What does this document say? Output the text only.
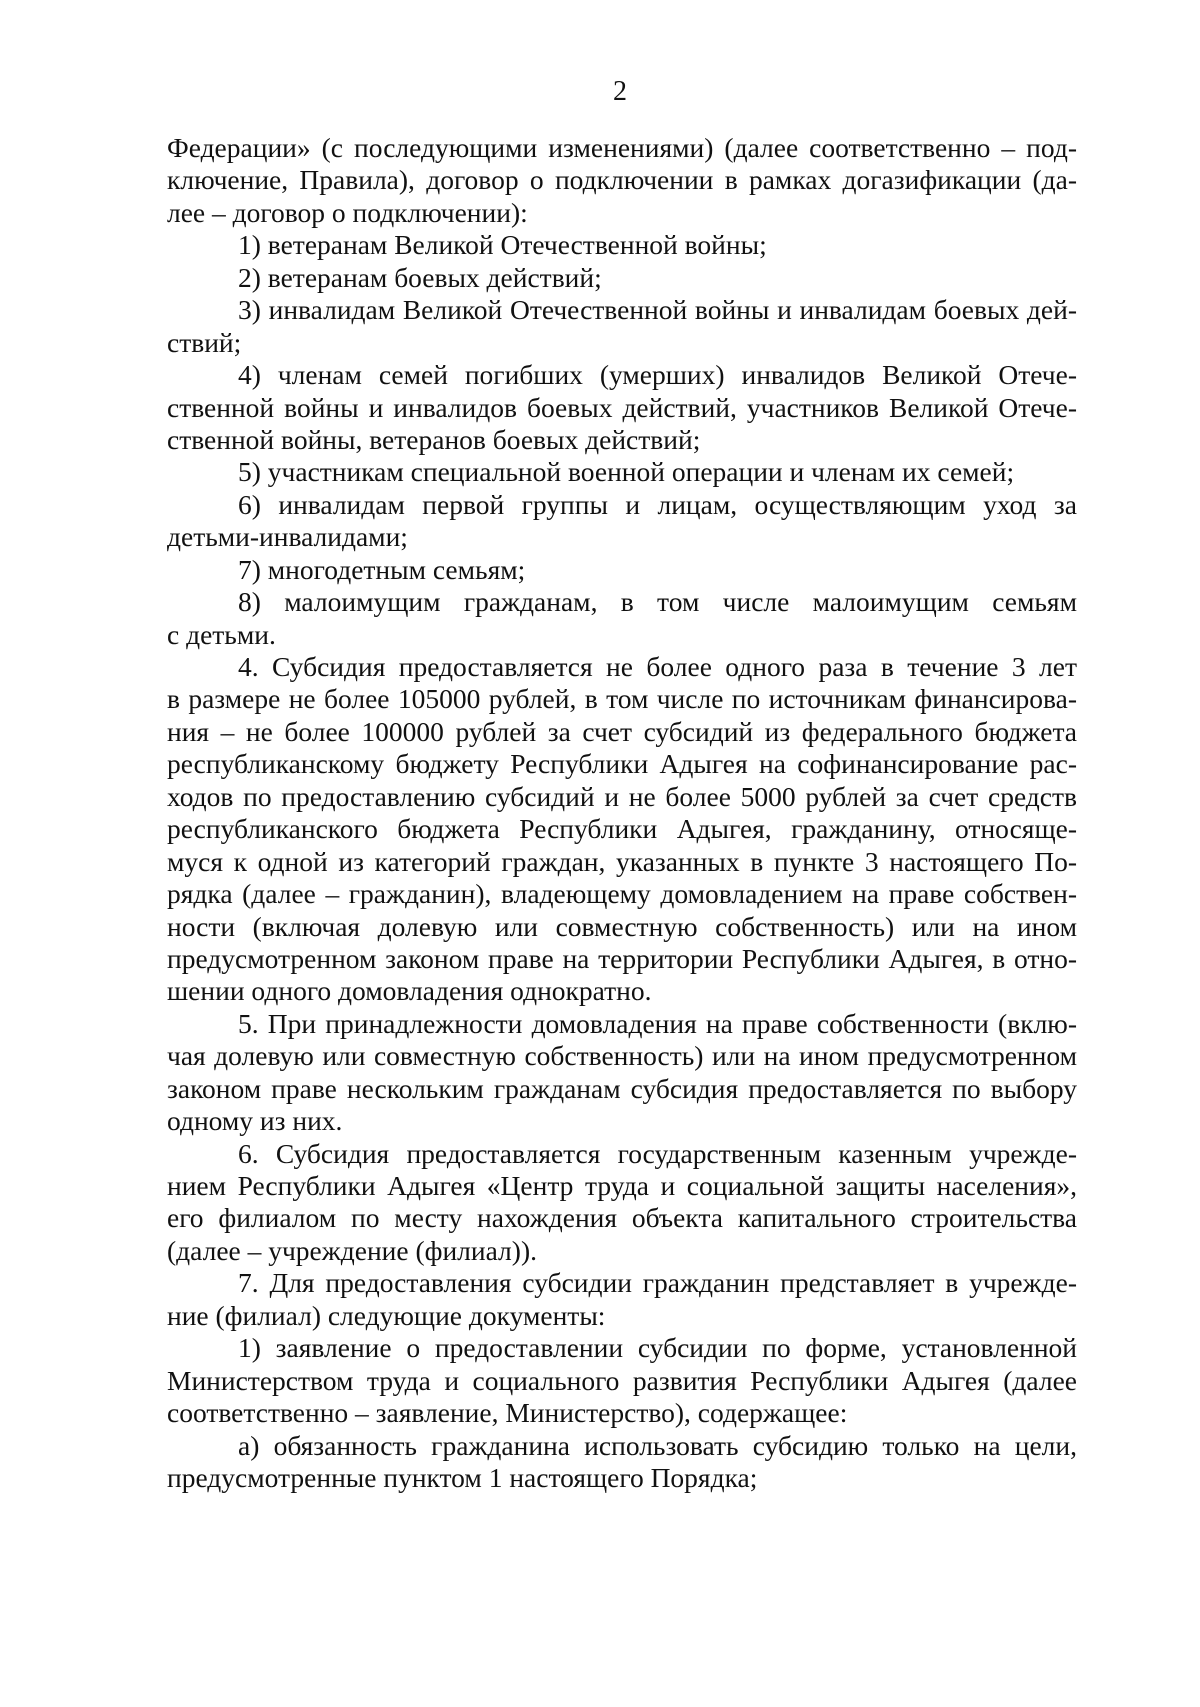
2
Федерации» (с последующими изменениями) (далее соответственно – под-
ключение, Правила), договор о подключении в рамках догазификации (да-
лее – договор о подключении):
1) ветеранам Великой Отечественной войны;
2) ветеранам боевых действий;
3) инвалидам Великой Отечественной войны и инвалидам боевых дей-
ствий;
4) членам семей погибших (умерших) инвалидов Великой Отече-
ственной войны и инвалидов боевых действий, участников Великой Отече-
ственной войны, ветеранов боевых действий;
5) участникам специальной военной операции и членам их семей;
6) инвалидам первой группы и лицам, осуществляющим уход за
детьми-инвалидами;
7) многодетным семьям;
8) малоимущим гражданам, в том числе малоимущим семьям
с детьми.
4. Субсидия предоставляется не более одного раза в течение 3 лет
в размере не более 105000 рублей, в том числе по источникам финансирова-
ния – не более 100000 рублей за счет субсидий из федерального бюджета
республиканскому бюджету Республики Адыгея на софинансирование рас-
ходов по предоставлению субсидий и не более 5000 рублей за счет средств
республиканского бюджета Республики Адыгея, гражданину, относяще-
муся к одной из категорий граждан, указанных в пункте 3 настоящего По-
рядка (далее – гражданин), владеющему домовладением на праве собствен-
ности (включая долевую или совместную собственность) или на ином
предусмотренном законом праве на территории Республики Адыгея, в отно-
шении одного домовладения однократно.
5. При принадлежности домовладения на праве собственности (вклю-
чая долевую или совместную собственность) или на ином предусмотренном
законом праве нескольким гражданам субсидия предоставляется по выбору
одному из них.
6. Субсидия предоставляется государственным казенным учрежде-
нием Республики Адыгея «Центр труда и социальной защиты населения»,
его филиалом по месту нахождения объекта капитального строительства
(далее – учреждение (филиал)).
7. Для предоставления субсидии гражданин представляет в учрежде-
ние (филиал) следующие документы:
1) заявление о предоставлении субсидии по форме, установленной
Министерством труда и социального развития Республики Адыгея (далее
соответственно – заявление, Министерство), содержащее:
а) обязанность гражданина использовать субсидию только на цели,
предусмотренные пунктом 1 настоящего Порядка;
